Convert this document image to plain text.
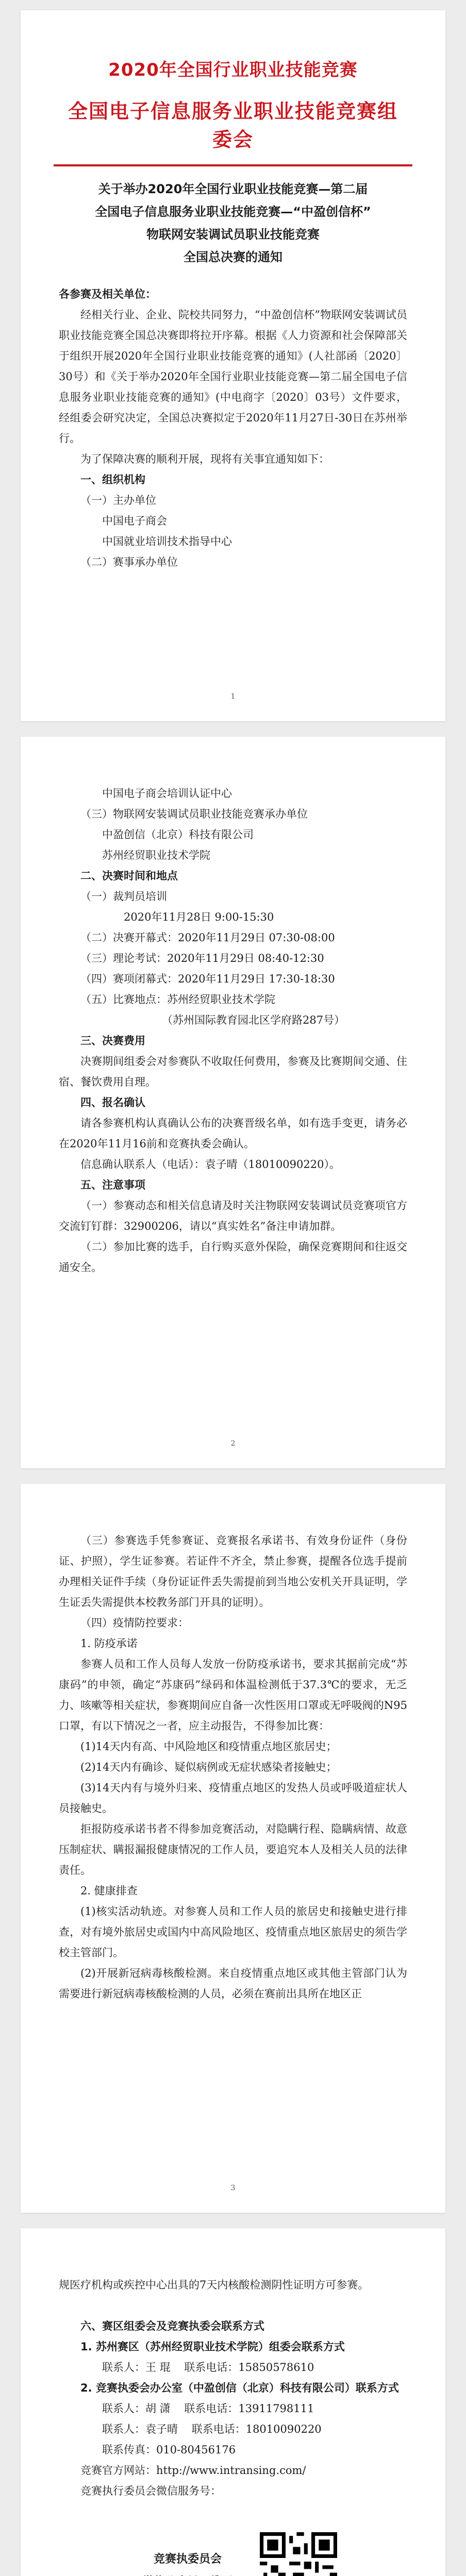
2020年全国行业职业技能竞赛
全国电子信息服务业职业技能竞赛组委会
关于举办2020年全国行业职业技能竞赛—第二届
全国电子信息服务业职业技能竞赛—“中盈创信杯”
物联网安装调试员职业技能竞赛
全国总决赛的通知

各参赛及相关单位：

经相关行业、企业、院校共同努力，“中盈创信杯”物联网安装调试员职业技能竞赛全国总决赛即将拉开序幕。根据《人力资源和社会保障部关于组织开展2020年全国行业职业技能竞赛的通知》(人社部函〔2020〕30号）和《关于举办2020年全国行业职业技能竞赛—第二届全国电子信息服务业职业技能竞赛的通知》(中电商字〔2020〕03号）文件要求，经组委会研究决定，全国总决赛拟定于2020年11月27日-30日在苏州举行。

为了保障决赛的顺利开展，现将有关事宜通知如下：

一、组织机构

（一）主办单位

中国电子商会

中国就业培训技术指导中心

（二）赛事承办单位

1

中国电子商会培训认证中心

（三）物联网安装调试员职业技能竞赛承办单位

中盈创信（北京）科技有限公司

苏州经贸职业技术学院

二、决赛时间和地点

（一）裁判员培训

2020年11月28日 9:00-15:30

（二）决赛开幕式：2020年11月29日 07:30-08:00

（三）理论考试：2020年11月29日 08:40-12:30

（四）赛项闭幕式：2020年11月29日 17:30-18:30

（五）比赛地点：苏州经贸职业技术学院

（苏州国际教育园北区学府路287号）

三、决赛费用

决赛期间组委会对参赛队不收取任何费用，参赛及比赛期间交通、住宿、餐饮费用自理。

四、报名确认

请各参赛机构认真确认公布的决赛晋级名单，如有选手变更，请务必在2020年11月16前和竞赛执委会确认。

信息确认联系人（电话）：袁子晴（18010090220）。

五、注意事项

（一）参赛动态和相关信息请及时关注物联网安装调试员竞赛项官方交流钉钉群：32900206，请以“真实姓名”备注申请加群。

（二）参加比赛的选手，自行购买意外保险，确保竞赛期间和往返交通安全。

2

（三）参赛选手凭参赛证、竞赛报名承诺书、有效身份证件（身份证、护照），学生证参赛。若证件不齐全，禁止参赛，提醒各位选手提前办理相关证件手续（身份证证件丢失需提前到当地公安机关开具证明，学生证丢失需提供本校教务部门开具的证明）。

（四）疫情防控要求：

1. 防疫承诺

参赛人员和工作人员每人发放一份防疫承诺书，要求其据前完成“苏康码”的申领，确定“苏康码”绿码和体温检测低于37.3℃的要求，无乏力、咳嗽等相关症状，参赛期间应自备一次性医用口罩或无呼吸阀的N95口罩，有以下情况之一者，应主动报告，不得参加比赛：

(1)14天内有高、中风险地区和疫情重点地区旅居史；

(2)14天内有确诊、疑似病例或无症状感染者接触史；

(3)14天内有与境外归来、疫情重点地区的发热人员或呼吸道症状人员接触史。

拒报防疫承诺书者不得参加竞赛活动，对隐瞒行程、隐瞒病情、故意压制症状、瞒报漏报健康情况的工作人员，要追究本人及相关人员的法律责任。

2. 健康排查

(1)核实活动轨迹。对参赛人员和工作人员的旅居史和接触史进行排查，对有境外旅居史或国内中高风险地区、疫情重点地区旅居史的须告学校主管部门。

(2)开展新冠病毒核酸检测。来自疫情重点地区或其他主管部门认为需要进行新冠病毒核酸检测的人员，必须在赛前出具所在地区正

3

规医疗机构或疾控中心出具的7天内核酸检测阴性证明方可参赛。

六、赛区组委会及竞赛执委会联系方式

1. 苏州赛区（苏州经贸职业技术学院）组委会联系方式

联系人：王 琨 联系电话：15850578610

2. 竞赛执委会办公室（中盈创信（北京）科技有限公司）联系方式

联系人：胡 潇 联系电话：13911798111

联系人：袁子晴 联系电话：18010090220

联系传真：010-80456176

竞赛官方网站：http://www.intransing.com/

竞赛执行委员会微信服务号：

竞赛执委员会
